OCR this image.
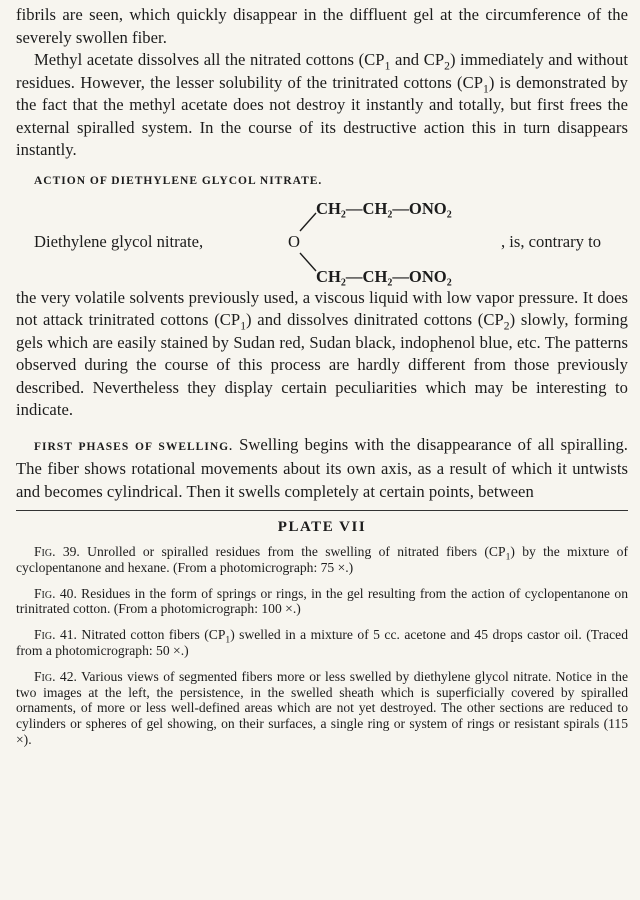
fibrils are seen, which quickly disappear in the diffluent gel at the circumference of the severely swollen fiber.

Methyl acetate dissolves all the nitrated cottons ($CP_1$ and $CP_2$) immediately and without residues. However, the lesser solubility of the trinitrated cottons $(CP_1)$ is demonstrated by the fact that the methyl acetate does not destroy it instantly and totally, but first frees the external spiralled system. In the course of its destructive action this in turn disappears instantly.

ACTION OF DIETHYLENE GLYCOL NITRATE.
Diethylene glycol nitrate,	O
CH₂—CH₂—ONO₂
CH₂—CH₂—ONO₂
, is, contrary to

the very volatile solvents previously used, a viscous liquid with low vapor pressure. It does not attack trinitrated cottons $(CP_1)$ and dissolves dinitrated cottons $(CP_2)$ slowly, forming gels which are easily stained by Sudan red, Sudan black, indophenol blue, etc. The patterns observed during the course of this process are hardly different from those previously described. Nevertheless they display certain peculiarities which may be interesting to indicate.

FIRST PHASES OF SWELLING. Swelling begins with the disappearance of all spiralling. The fiber shows rotational movements about its own axis, as a result of which it untwists and becomes cylindrical. Then it swells completely at certain points, between

PLATE VII

Fig. 39. Unrolled or spiralled residues from the swelling of nitrated fibers $(CP_1)$ by the mixture of cyclopentanone and hexane. (From a photomicrograph: 75 ×.)

Fig. 40. Residues in the form of springs or rings, in the gel resulting from the action of cyclopentanone on trinitrated cotton. (From a photomicrograph: 100 ×.)

Fig. 41. Nitrated cotton fibers $(CP_1)$ swelled in a mixture of 5 cc. acetone and 45 drops castor oil. (Traced from a photomicrograph: 50 ×.)

Fig. 42. Various views of segmented fibers more or less swelled by diethylene glycol nitrate. Notice in the two images at the left, the persistence, in the swelled sheath which is superficially covered by spiralled ornaments, of more or less well-defined areas which are not yet destroyed. The other sections are reduced to cylinders or spheres of gel showing, on their surfaces, a single ring or system of rings or resistant spirals (115 ×).
